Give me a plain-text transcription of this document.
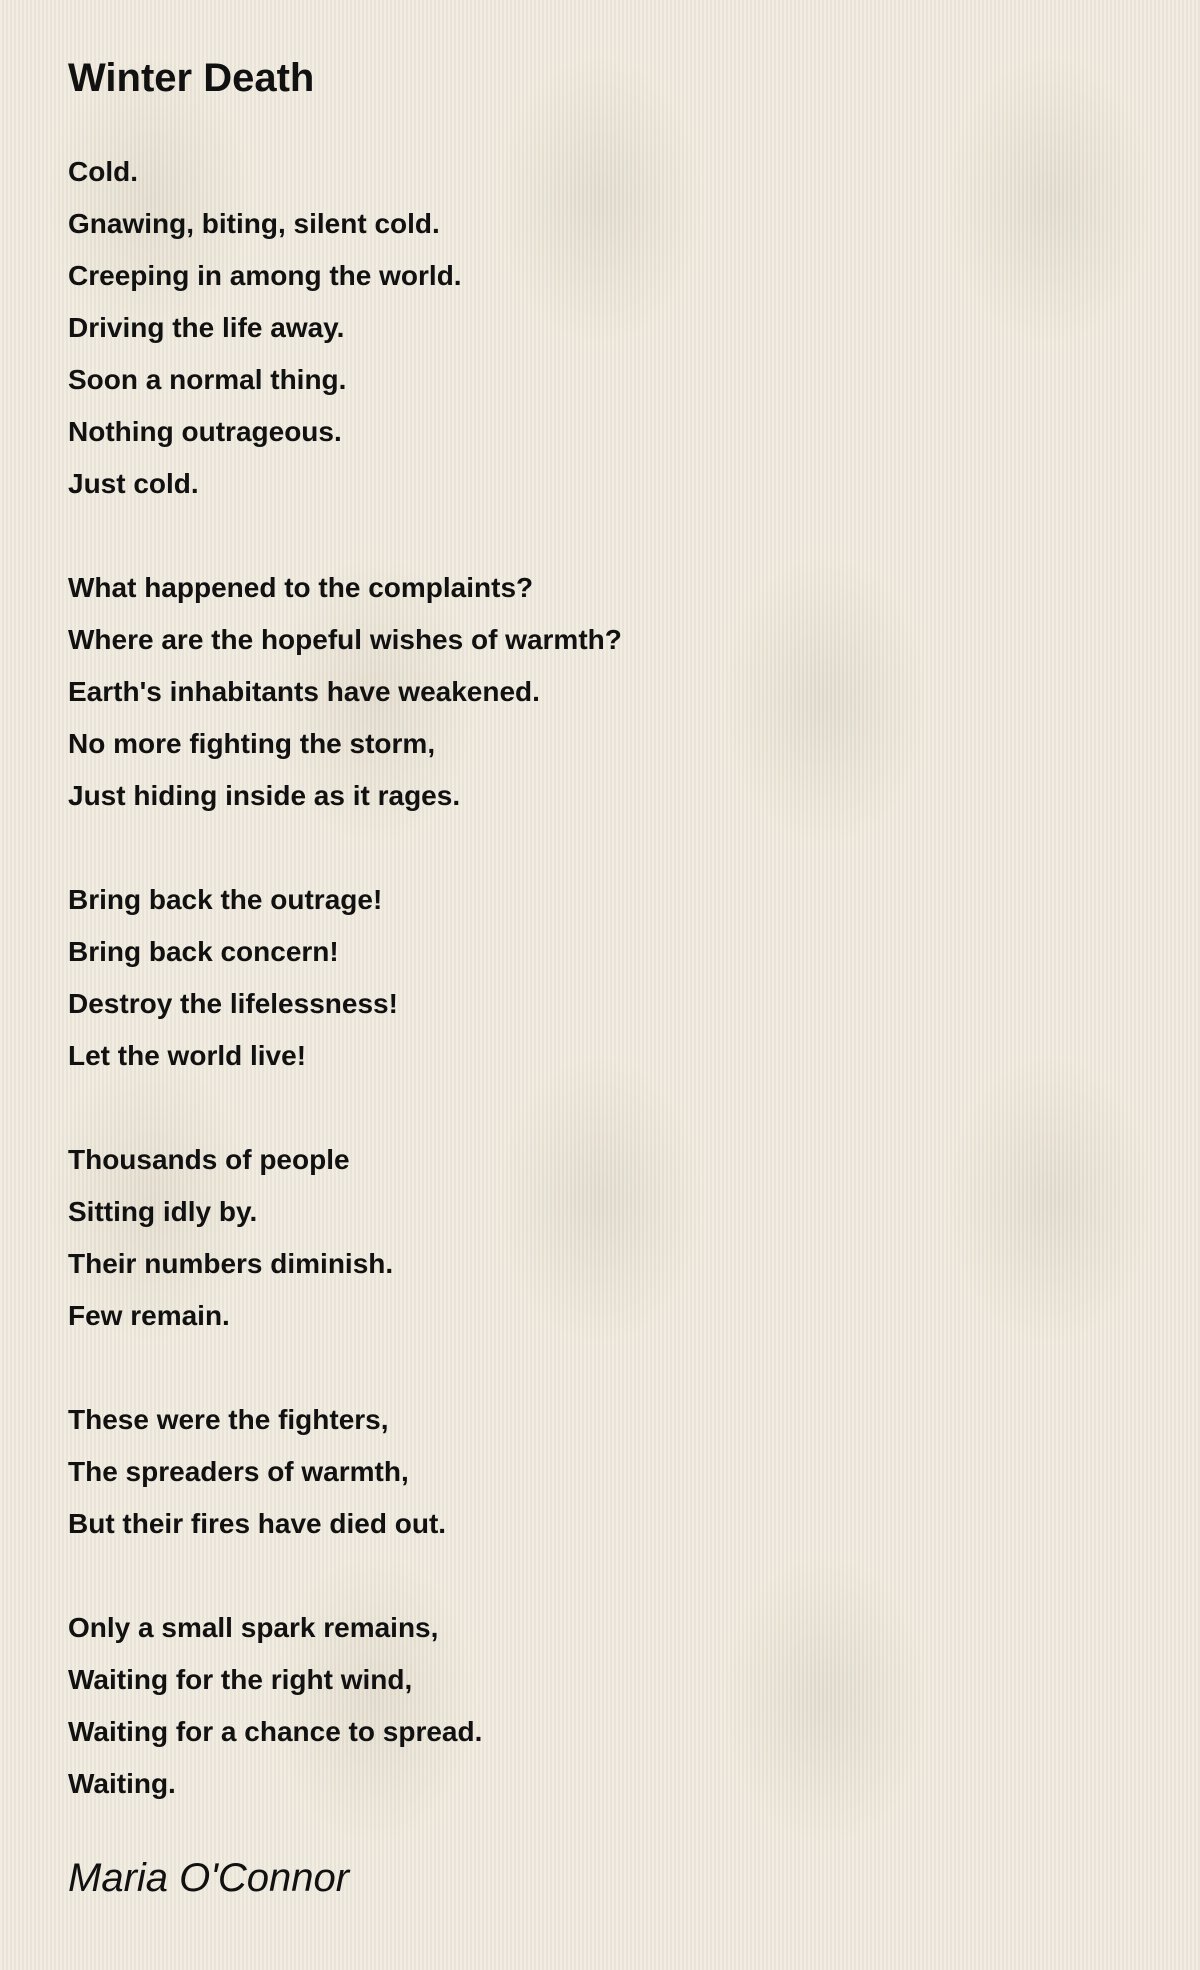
Winter Death
Cold.
Gnawing, biting, silent cold.
Creeping in among the world.
Driving the life away.
Soon a normal thing.
Nothing outrageous.
Just cold.
What happened to the complaints?
Where are the hopeful wishes of warmth?
Earth's inhabitants have weakened.
No more fighting the storm,
Just hiding inside as it rages.
Bring back the outrage!
Bring back concern!
Destroy the lifelessness!
Let the world live!
Thousands of people
Sitting idly by.
Their numbers diminish.
Few remain.
These were the fighters,
The spreaders of warmth,
But their fires have died out.
Only a small spark remains,
Waiting for the right wind,
Waiting for a chance to spread.
Waiting.
Maria O'Connor
